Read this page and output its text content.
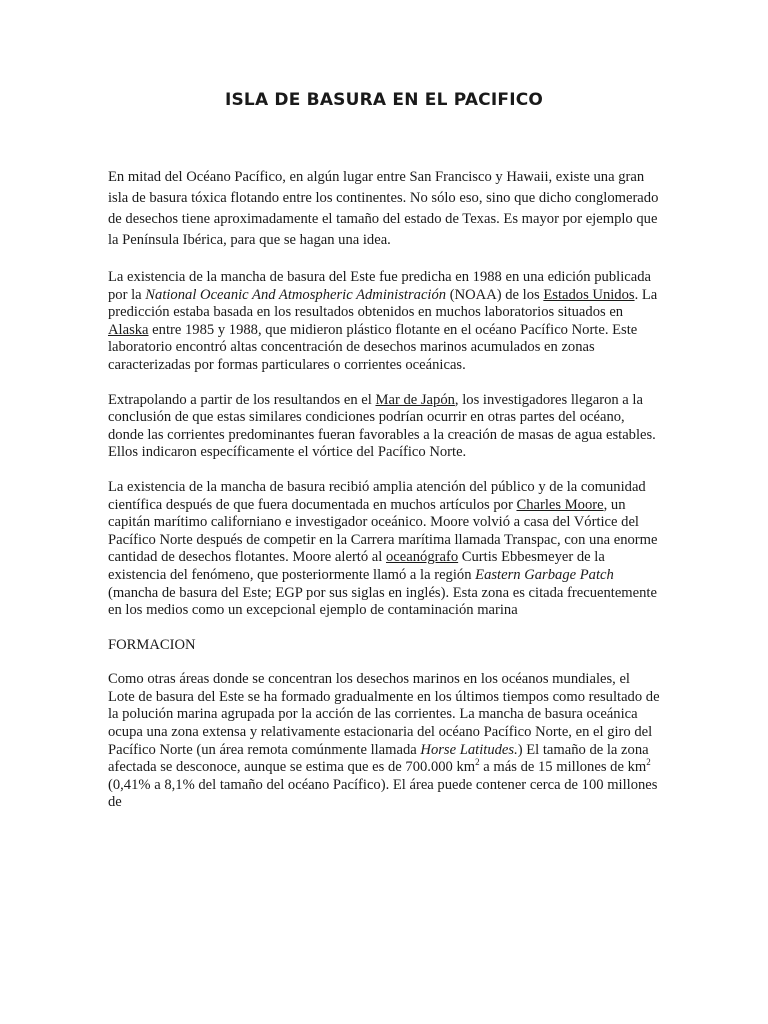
ISLA DE BASURA EN EL PACIFICO

En mitad del Océano Pacífico, en algún lugar entre San Francisco y Hawaii, existe una gran isla de basura tóxica flotando entre los continentes. No sólo eso, sino que dicho conglomerado de desechos tiene aproximadamente el tamaño del estado de Texas. Es mayor por ejemplo que la Península Ibérica, para que se hagan una idea.

La existencia de la mancha de basura del Este fue predicha en 1988 en una edición publicada por la National Oceanic And Atmospheric Administración (NOAA) de los Estados Unidos. La predicción estaba basada en los resultados obtenidos en muchos laboratorios situados en Alaska entre 1985 y 1988, que midieron plástico flotante en el océano Pacífico Norte. Este laboratorio encontró altas concentración de desechos marinos acumulados en zonas caracterizadas por formas particulares o corrientes oceánicas.

Extrapolando a partir de los resultandos en el Mar de Japón, los investigadores llegaron a la conclusión de que estas similares condiciones podrían ocurrir en otras partes del océano, donde las corrientes predominantes fueran favorables a la creación de masas de agua estables. Ellos indicaron específicamente el vórtice del Pacífico Norte.

La existencia de la mancha de basura recibió amplia atención del público y de la comunidad científica después de que fuera documentada en muchos artículos por Charles Moore, un capitán marítimo californiano e investigador oceánico. Moore volvió a casa del Vórtice del Pacífico Norte después de competir en la Carrera marítima llamada Transpac, con una enorme cantidad de desechos flotantes. Moore alertó al oceanógrafo Curtis Ebbesmeyer de la existencia del fenómeno, que posteriormente llamó a la región Eastern Garbage Patch (mancha de basura del Este; EGP por sus siglas en inglés). Esta zona es citada frecuentemente en los medios como un excepcional ejemplo de contaminación marina

FORMACION

Como otras áreas donde se concentran los desechos marinos en los océanos mundiales, el Lote de basura del Este se ha formado gradualmente en los últimos tiempos como resultado de la polución marina agrupada por la acción de las corrientes. La mancha de basura oceánica ocupa una zona extensa y relativamente estacionaria del océano Pacífico Norte, en el giro del Pacífico Norte (un área remota comúnmente llamada Horse Latitudes.) El tamaño de la zona afectada se desconoce, aunque se estima que es de 700.000 $km^2$ a más de 15 millones de $km^2$ (0,41% a 8,1% del tamaño del océano Pacífico). El área puede contener cerca de 100 millones de
